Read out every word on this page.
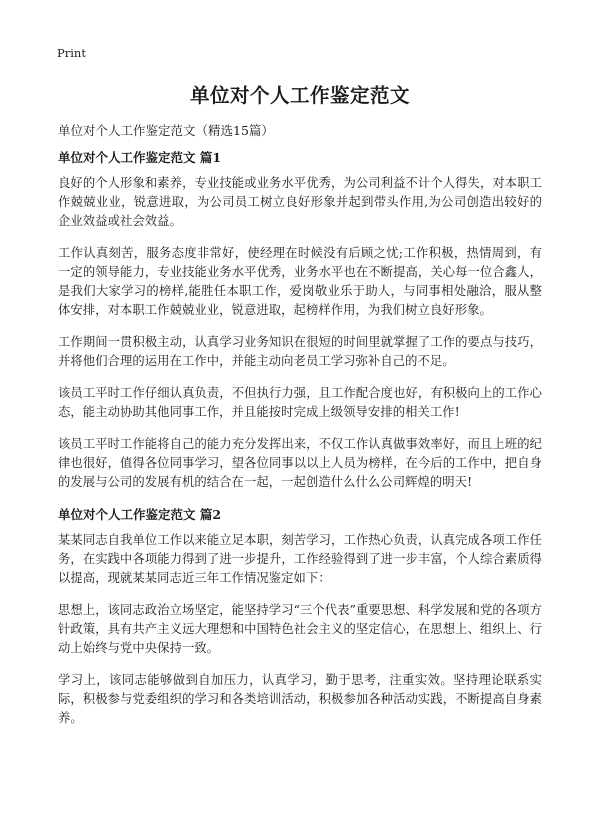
Print
单位对个人工作鉴定范文
单位对个人工作鉴定范文（精选15篇）
单位对个人工作鉴定范文 篇1

良好的个人形象和素养，专业技能或业务水平优秀，为公司利益不计个人得失，对本职工作兢兢业业，锐意进取，为公司员工树立良好形象并起到带头作用,为公司创造出较好的企业效益或社会效益。

工作认真刻苦，服务态度非常好，使经理在时候没有后顾之忧;工作积极，热情周到，有一定的领导能力，专业技能业务水平优秀，业务水平也在不断提高，关心每一位合鑫人，是我们大家学习的榜样,能胜任本职工作，爱岗敬业乐于助人，与同事相处融洽，服从整体安排，对本职工作兢兢业业，锐意进取，起榜样作用，为我们树立良好形象。

工作期间一贯积极主动，认真学习业务知识在很短的时间里就掌握了工作的要点与技巧，并将他们合理的运用在工作中，并能主动向老员工学习弥补自己的不足。

该员工平时工作仔细认真负责，不但执行力强，且工作配合度也好，有积极向上的工作心态，能主动协助其他同事工作，并且能按时完成上级领导安排的相关工作!

该员工平时工作能将自己的能力充分发挥出来，不仅工作认真做事效率好，而且上班的纪律也很好，值得各位同事学习，望各位同事以以上人员为榜样，在今后的工作中，把自身的发展与公司的发展有机的结合在一起，一起创造什么什么公司辉煌的明天!

单位对个人工作鉴定范文 篇2

某某同志自我单位工作以来能立足本职，刻苦学习，工作热心负责，认真完成各项工作任务，在实践中各项能力得到了进一步提升，工作经验得到了进一步丰富，个人综合素质得以提高，现就某某同志近三年工作情况鉴定如下：

思想上，该同志政治立场坚定，能坚持学习“三个代表”重要思想、科学发展和党的各项方针政策，具有共产主义远大理想和中国特色社会主义的坚定信心，在思想上、组织上、行动上始终与党中央保持一致。

学习上，该同志能够做到自加压力，认真学习，勤于思考，注重实效。坚持理论联系实际，积极参与党委组织的学习和各类培训活动，积极参加各种活动实践，不断提高自身素养。
